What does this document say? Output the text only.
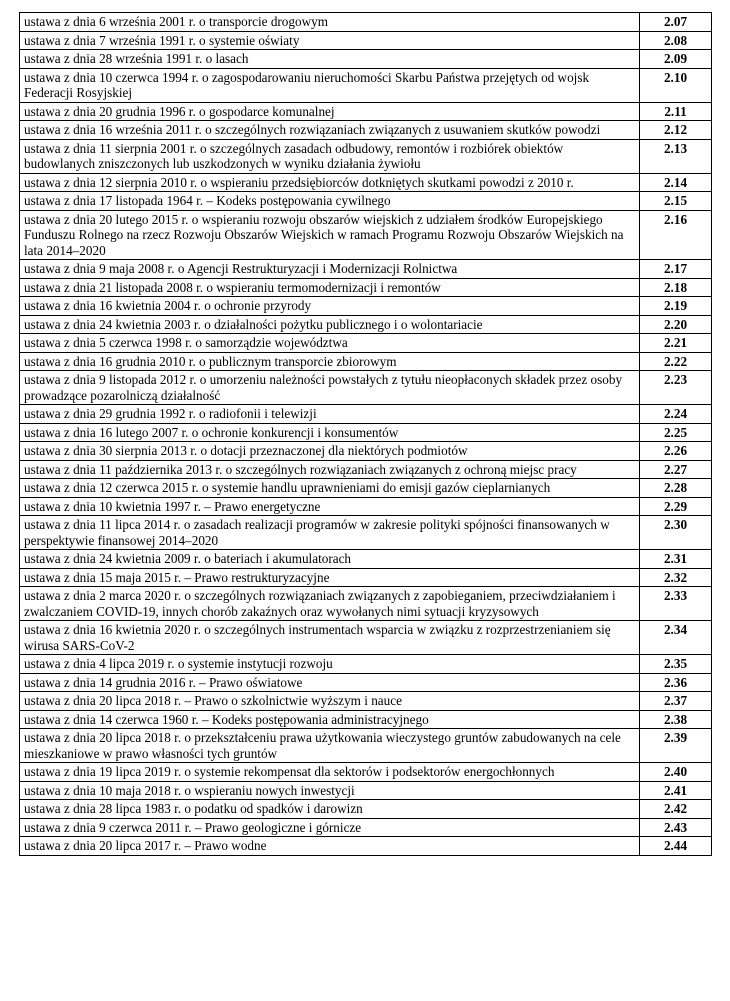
ustawa z dnia 6 września 2001 r. o transporcie drogowym	2.07
ustawa z dnia 7 września 1991 r. o systemie oświaty	2.08
ustawa z dnia 28 września 1991 r. o lasach	2.09
ustawa z dnia 10 czerwca 1994 r. o zagospodarowaniu nieruchomości Skarbu Państwa przejętych od wojsk Federacji Rosyjskiej	2.10
ustawa z dnia 20 grudnia 1996 r. o gospodarce komunalnej	2.11
ustawa z dnia 16 września 2011 r. o szczególnych rozwiązaniach związanych z usuwaniem skutków powodzi	2.12
ustawa z dnia 11 sierpnia 2001 r. o szczególnych zasadach odbudowy, remontów i rozbiórek obiektów budowlanych zniszczonych lub uszkodzonych w wyniku działania żywiołu	2.13
ustawa z dnia 12 sierpnia 2010 r. o wspieraniu przedsiębiorców dotkniętych skutkami powodzi z 2010 r.	2.14
ustawa z dnia 17 listopada 1964 r. – Kodeks postępowania cywilnego	2.15
ustawa z dnia 20 lutego 2015 r. o wspieraniu rozwoju obszarów wiejskich z udziałem środków Europejskiego Funduszu Rolnego na rzecz Rozwoju Obszarów Wiejskich w ramach Programu Rozwoju Obszarów Wiejskich na lata 2014–2020	2.16
ustawa z dnia 9 maja 2008 r. o Agencji Restrukturyzacji i Modernizacji Rolnictwa	2.17
ustawa z dnia 21 listopada 2008 r. o wspieraniu termomodernizacji i remontów	2.18
ustawa z dnia 16 kwietnia 2004 r. o ochronie przyrody	2.19
ustawa z dnia 24 kwietnia 2003 r. o działalności pożytku publicznego i o wolontariacie	2.20
ustawa z dnia 5 czerwca 1998 r. o samorządzie województwa	2.21
ustawa z dnia 16 grudnia 2010 r. o publicznym transporcie zbiorowym	2.22
ustawa z dnia 9 listopada 2012 r. o umorzeniu należności powstałych z tytułu nieopłaconych składek przez osoby prowadzące pozarolniczą działalność	2.23
ustawa z dnia 29 grudnia 1992 r. o radiofonii i telewizji	2.24
ustawa z dnia 16 lutego 2007 r. o ochronie konkurencji i konsumentów	2.25
ustawa z dnia 30 sierpnia 2013 r. o dotacji przeznaczonej dla niektórych podmiotów	2.26
ustawa z dnia 11 października 2013 r. o szczególnych rozwiązaniach związanych z ochroną miejsc pracy	2.27
ustawa z dnia 12 czerwca 2015 r. o systemie handlu uprawnieniami do emisji gazów cieplarnianych	2.28
ustawa z dnia 10 kwietnia 1997 r. – Prawo energetyczne	2.29
ustawa z dnia 11 lipca 2014 r. o zasadach realizacji programów w zakresie polityki spójności finansowanych w perspektywie finansowej 2014–2020	2.30
ustawa z dnia 24 kwietnia 2009 r. o bateriach i akumulatorach	2.31
ustawa z dnia 15 maja 2015 r. – Prawo restrukturyzacyjne	2.32
ustawa z dnia 2 marca 2020 r. o szczególnych rozwiązaniach związanych z zapobieganiem, przeciwdziałaniem i zwalczaniem COVID-19, innych chorób zakaźnych oraz wywołanych nimi sytuacji kryzysowych	2.33
ustawa z dnia 16 kwietnia 2020 r. o szczególnych instrumentach wsparcia w związku z rozprzestrzenianiem się wirusa SARS-CoV-2	2.34
ustawa z dnia 4 lipca 2019 r. o systemie instytucji rozwoju	2.35
ustawa z dnia 14 grudnia 2016 r. – Prawo oświatowe	2.36
ustawa z dnia 20 lipca 2018 r. – Prawo o szkolnictwie wyższym i nauce	2.37
ustawa z dnia 14 czerwca 1960 r. – Kodeks postępowania administracyjnego	2.38
ustawa z dnia 20 lipca 2018 r. o przekształceniu prawa użytkowania wieczystego gruntów zabudowanych na cele mieszkaniowe w prawo własności tych gruntów	2.39
ustawa z dnia 19 lipca 2019 r. o systemie rekompensat dla sektorów i podsektorów energochłonnych	2.40
ustawa z dnia 10 maja 2018 r. o wspieraniu nowych inwestycji	2.41
ustawa z dnia 28 lipca 1983 r. o podatku od spadków i darowizn	2.42
ustawa z dnia 9 czerwca 2011 r. – Prawo geologiczne i górnicze	2.43
ustawa z dnia 20 lipca 2017 r. – Prawo wodne	2.44
